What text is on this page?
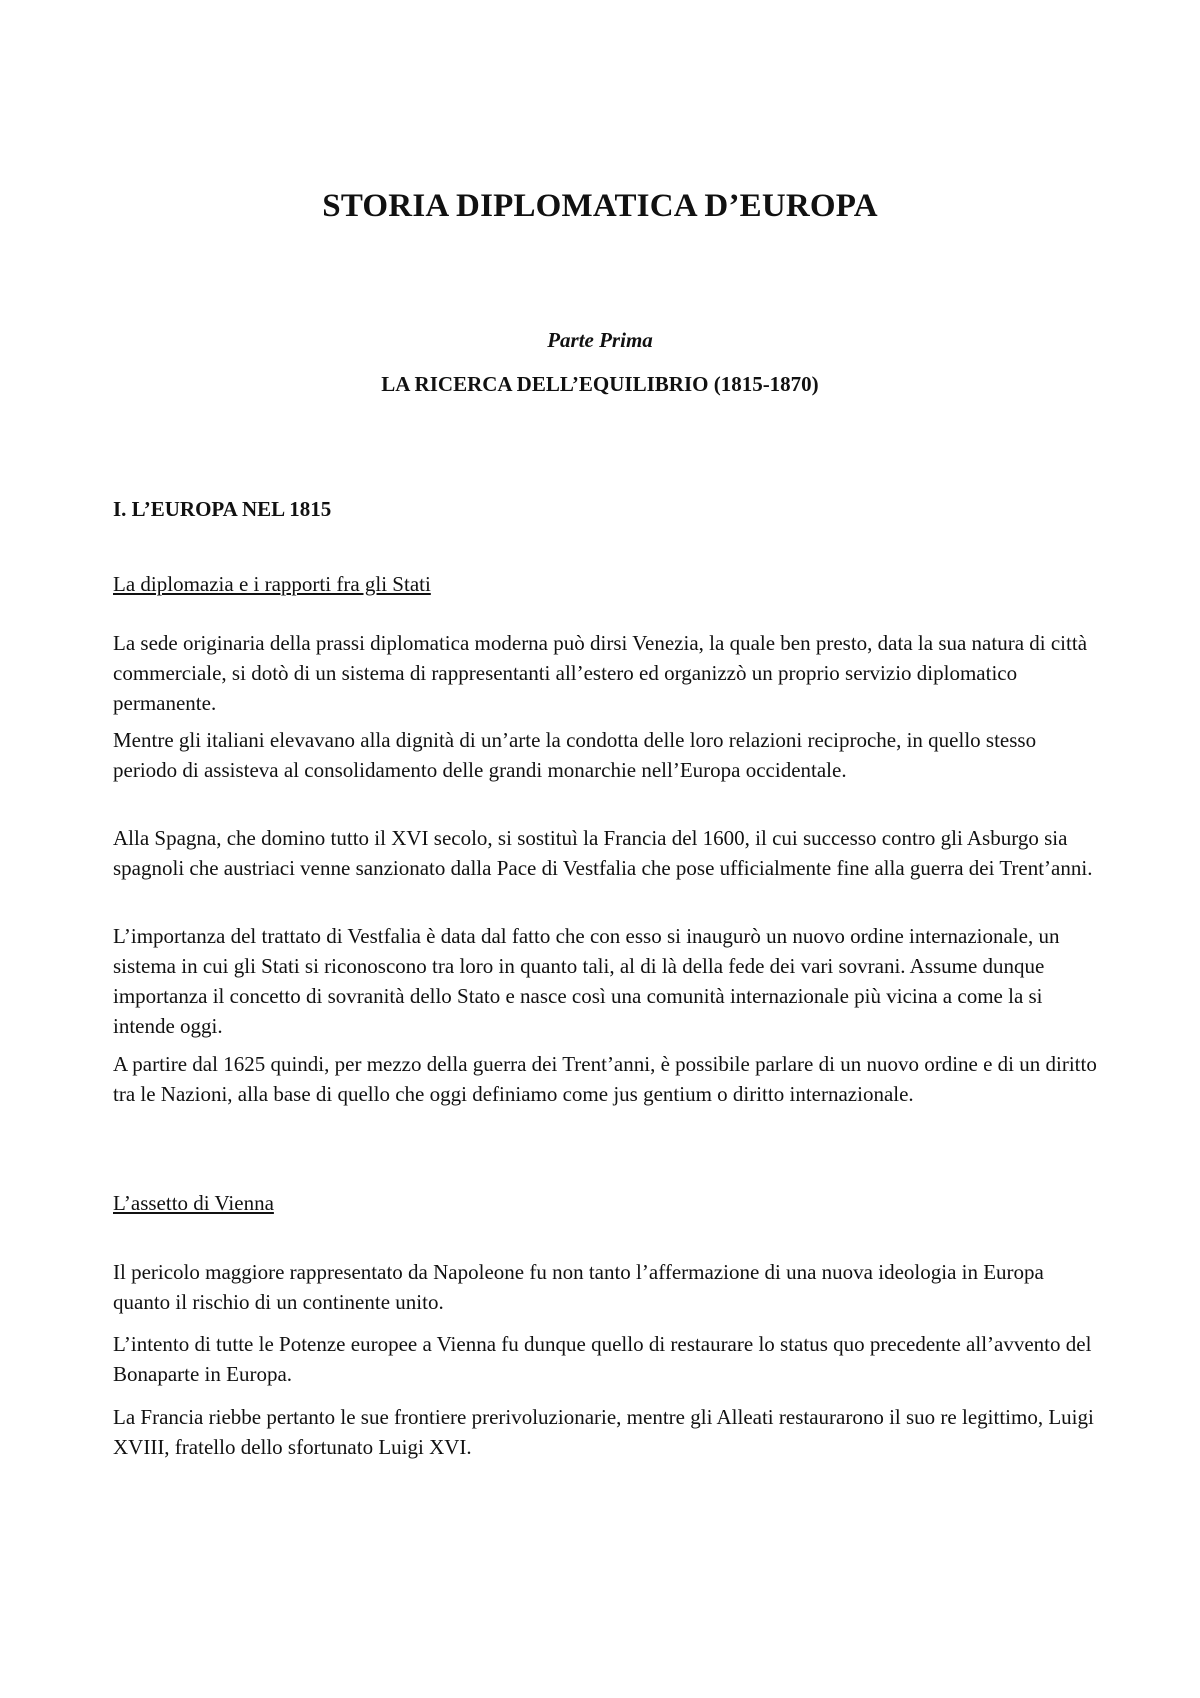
STORIA DIPLOMATICA D’EUROPA

Parte Prima

LA RICERCA DELL’EQUILIBRIO (1815-1870)

I. L’EUROPA NEL 1815

La diplomazia e i rapporti fra gli Stati

La sede originaria della prassi diplomatica moderna può dirsi Venezia, la quale ben presto, data la sua natura di città commerciale, si dotò di un sistema di rappresentanti all’estero ed organizzò un proprio servizio diplomatico permanente.

Mentre gli italiani elevavano alla dignità di un’arte la condotta delle loro relazioni reciproche, in quello stesso periodo di assisteva al consolidamento delle grandi monarchie nell’Europa occidentale.

Alla Spagna, che domino tutto il XVI secolo, si sostituì la Francia del 1600, il cui successo contro gli Asburgo sia spagnoli che austriaci venne sanzionato dalla Pace di Vestfalia che pose ufficialmente fine alla guerra dei Trent’anni.

L’importanza del trattato di Vestfalia è data dal fatto che con esso si inaugurò un nuovo ordine internazionale, un sistema in cui gli Stati si riconoscono tra loro in quanto tali, al di là della fede dei vari sovrani. Assume dunque importanza il concetto di sovranità dello Stato e nasce così una comunità internazionale più vicina a come la si intende oggi.

A partire dal 1625 quindi, per mezzo della guerra dei Trent’anni, è possibile parlare di un nuovo ordine e di un diritto tra le Nazioni, alla base di quello che oggi definiamo come jus gentium o diritto internazionale.

L’assetto di Vienna

Il pericolo maggiore rappresentato da Napoleone fu non tanto l’affermazione di una nuova ideologia in Europa quanto il rischio di un continente unito.

L’intento di tutte le Potenze europee a Vienna fu dunque quello di restaurare lo status quo precedente all’avvento del Bonaparte in Europa.

La Francia riebbe pertanto le sue frontiere prerivoluzionarie, mentre gli Alleati restaurarono il suo re legittimo, Luigi XVIII, fratello dello sfortunato Luigi XVI.
